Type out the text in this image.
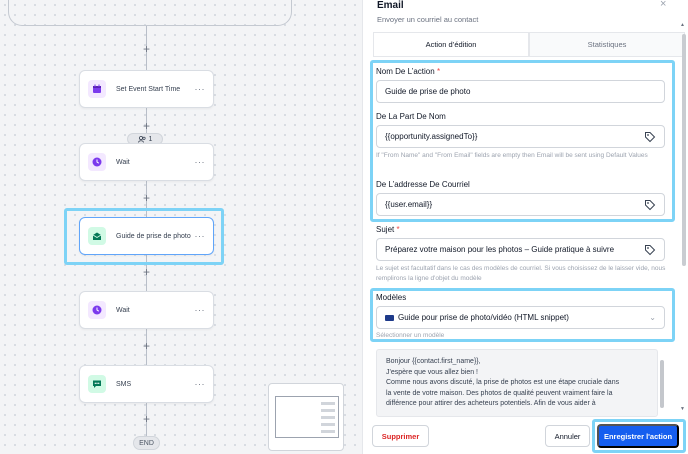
+
+
+
+
+
+
Set Event Start Time	···
1
Wait	···
Guide de prise de photo ···
Wait	···
SMS	···
END
Email
Envoyer un courriel au contact
×
Action d’édition	Statistiques
▲
▼
Nom De L’action *
Guide de prise de photo
De La Part De Nom
{{opportunity.assignedTo}}
If "From Name" and "From Email" fields are empty then Email will be sent using Default Values
De L’addresse De Courriel
{{user.email}}
Sujet *
Préparez votre maison pour les photos – Guide pratique à suivre
Le sujet est facultatif dans le cas des modèles de courriel. Si vous choisissez de le laisser vide, nous remplirons la ligne d'objet du modèle
Modèles
Guide pour prise de photo/vidéo (HTML snippet)	⌄
Sélectionner un modèle
Bonjour {{contact.first_name}},
J'espère que vous allez bien !
Comme nous avons discuté, la prise de photos est une étape cruciale dans
la vente de votre maison. Des photos de qualité peuvent vraiment faire la
différence pour attirer des acheteurs potentiels. Afin de vous aider à
Supprimer	Annuler	Enregistrer l'action
